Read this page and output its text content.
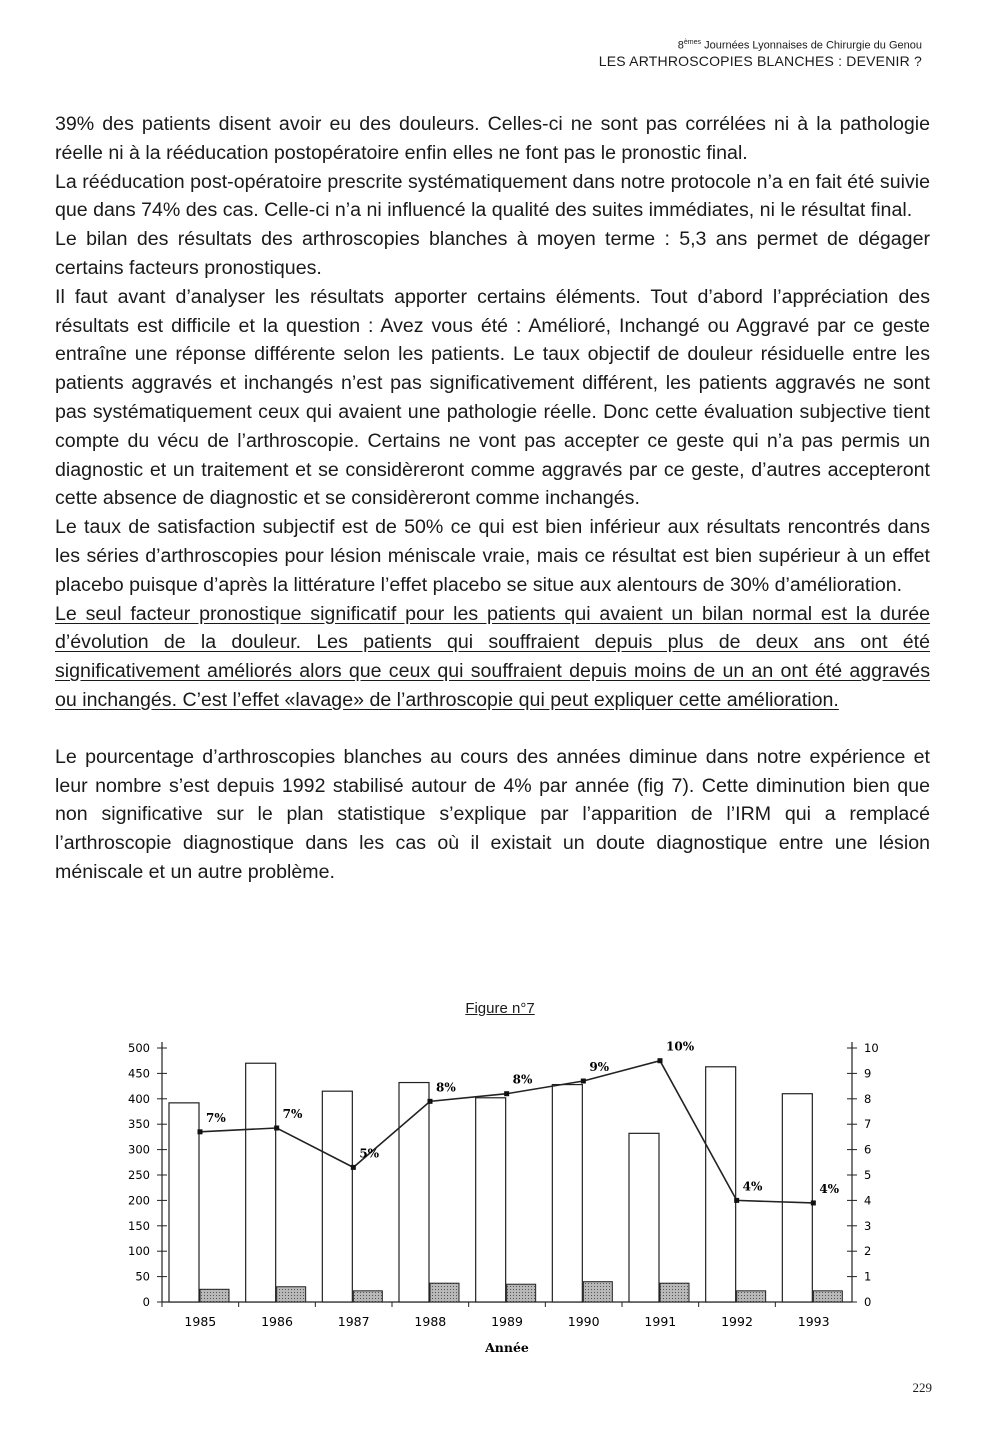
8èmes Journées Lyonnaises de Chirurgie du Genou
LES ARTHROSCOPIES BLANCHES : DEVENIR ?

39% des patients disent avoir eu des douleurs. Celles-ci ne sont pas corrélées ni à la pathologie réelle ni à la rééducation postopératoire enfin elles ne font pas le pronostic final.

La rééducation post-opératoire prescrite systématiquement dans notre protocole n’a en fait été suivie que dans 74% des cas. Celle-ci n’a ni influencé la qualité des suites immédiates, ni le résultat final.

Le bilan des résultats des arthroscopies blanches à moyen terme : 5,3 ans permet de dégager certains facteurs pronostiques.

Il faut avant d’analyser les résultats apporter certains éléments. Tout d’abord l’appréciation des résultats est difficile et la question : Avez vous été : Amélioré, Inchangé ou Aggravé par ce geste entraîne une réponse différente selon les patients. Le taux objectif de douleur résiduelle entre les patients aggravés et inchangés n’est pas significativement différent, les patients aggravés ne sont pas systématiquement ceux qui avaient une pathologie réelle. Donc cette évaluation subjective tient compte du vécu de l’arthroscopie. Certains ne vont pas accepter ce geste qui n’a pas permis un diagnostic et un traitement et se considèreront comme aggravés par ce geste, d’autres accepteront cette absence de diagnostic et se considèreront comme inchangés.

Le taux de satisfaction subjectif est de 50% ce qui est bien inférieur aux résultats rencontrés dans les séries d’arthroscopies pour lésion méniscale vraie, mais ce résultat est bien supérieur à un effet placebo puisque d’après la littérature l’effet placebo se situe aux alentours de 30% d’amélioration.

Le seul facteur pronostique significatif pour les patients qui avaient un bilan normal est la durée d’évolution de la douleur. Les patients qui souffraient depuis plus de deux ans ont été significativement améliorés alors que ceux qui souffraient depuis moins de un an ont été aggravés ou inchangés. C’est l’effet «lavage» de l’arthroscopie qui peut expliquer cette amélioration.

Le pourcentage d’arthroscopies blanches au cours des années diminue dans notre expérience et leur nombre s’est depuis 1992 stabilisé autour de 4% par année (fig 7). Cette diminution bien que non significative sur le plan statistique s’explique par l’apparition de l’IRM qui a remplacé l’arthroscopie diagnostique dans les cas où il existait un doute diagnostique entre une lésion méniscale et un autre problème.

Figure n°7
0
50
100
150
200
250
300
350
400
450
500
0
1
2
3
4
5
6
7
8
9
10
1985	1986	1987	1988	1989	1990	1991	1992	1993
7%	7%
5%
8%
8%
9%
10%
4%	4%
Année
229
